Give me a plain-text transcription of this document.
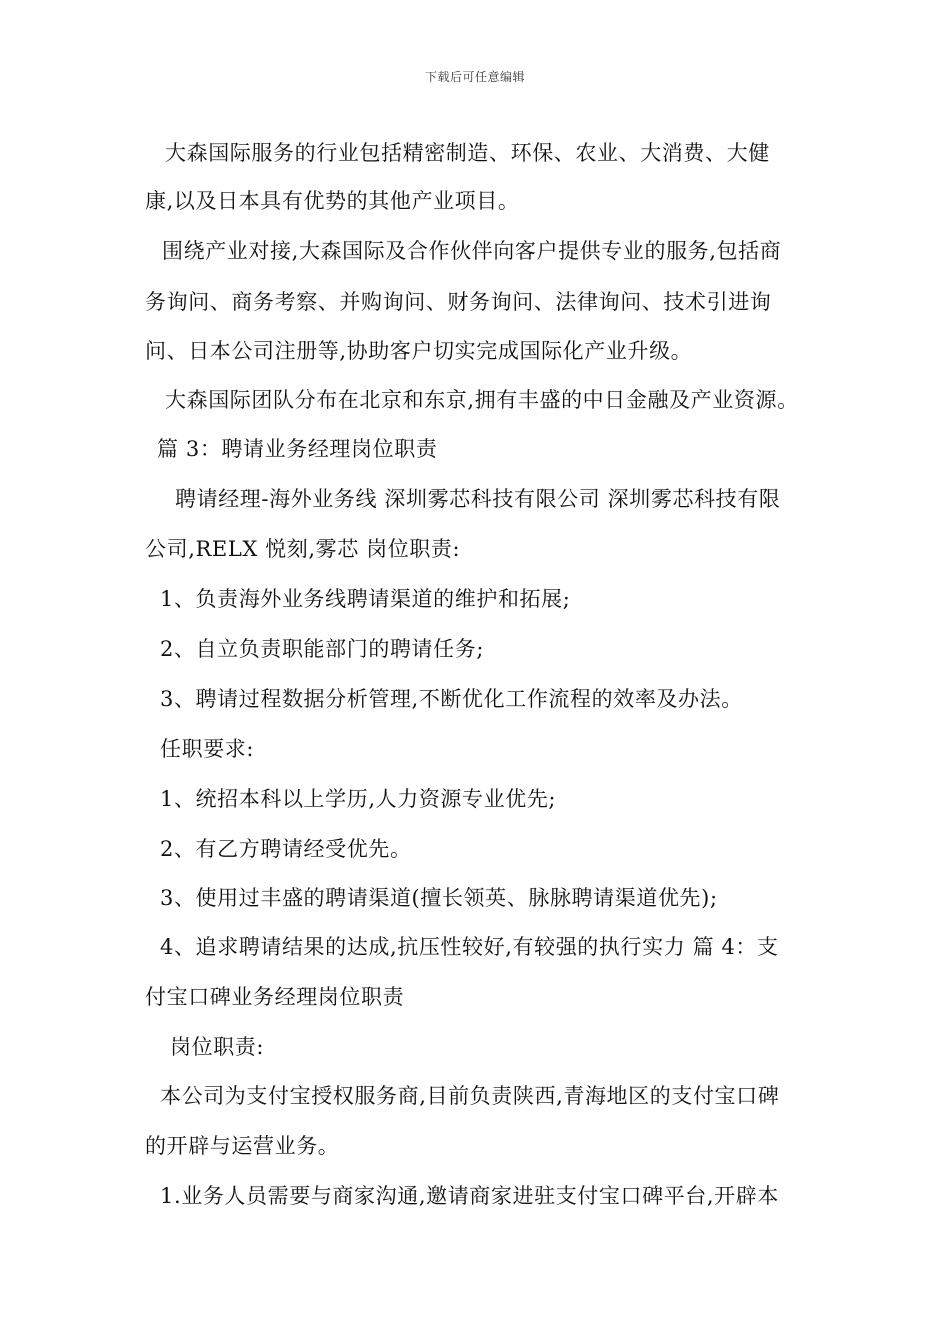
下载后可任意编辑
大森国际服务的行业包括精密制造、环保、农业、大消费、大健
康,以及日本具有优势的其他产业项目。
围绕产业对接,大森国际及合作伙伴向客户提供专业的服务,包括商
务询问、商务考察、并购询问、财务询问、法律询问、技术引进询
问、日本公司注册等,协助客户切实完成国际化产业升级。
大森国际团队分布在北京和东京,拥有丰盛的中日金融及产业资源。
篇 3：聘请业务经理岗位职责
聘请经理-海外业务线 深圳雾芯科技有限公司 深圳雾芯科技有限
公司,RELX 悦刻,雾芯 岗位职责:
1、负责海外业务线聘请渠道的维护和拓展;
2、自立负责职能部门的聘请任务;
3、聘请过程数据分析管理,不断优化工作流程的效率及办法。
任职要求:
1、统招本科以上学历,人力资源专业优先;
2、有乙方聘请经受优先。
3、使用过丰盛的聘请渠道(擅长领英、脉脉聘请渠道优先);
4、追求聘请结果的达成,抗压性较好,有较强的执行实力 篇 4：支
付宝口碑业务经理岗位职责
岗位职责:
本公司为支付宝授权服务商,目前负责陕西,青海地区的支付宝口碑
的开辟与运营业务。
1.业务人员需要与商家沟通,邀请商家进驻支付宝口碑平台,开辟本
